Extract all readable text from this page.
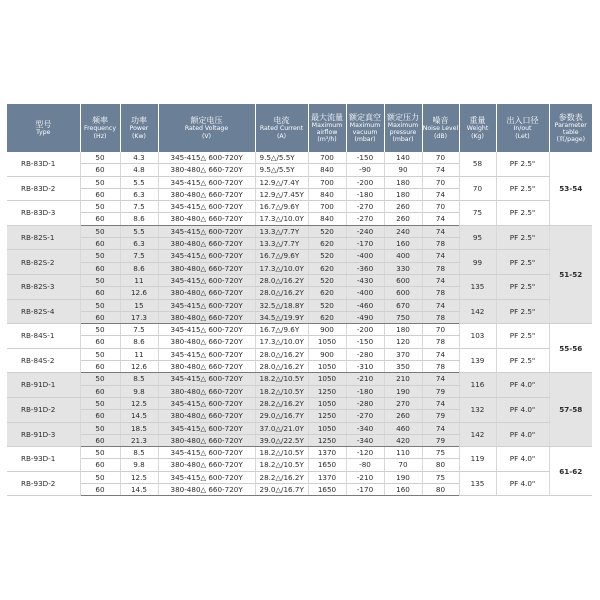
型号
Type	频率
Frequency
(Hz)	功率
Power
(Kw)	额定电压
Rated Voltage
(V)	电流
Rated Current
(A)	最大流量
Maximum
airflow
(m³/h)	额定真空
Maximum
vacuum
(mbar)	额定压力
Maximum
pressure
(mbar)	噪音
Noise Level
(dB)	重量
Weight
(Kg)	出入口径
In/out
(Let)	参数表
Parameter
table
(页/page)

RB-83D-1	50	4.3	345-415△ 600-720Y	9.5△/5.5Y	700	-150	140	70	58	PF 2.5"	53-54
	60	4.8	380-480△ 660-720Y	9.5△/5.5Y	840	-90	90	74			
RB-83D-2	50	5.5	345-415△ 600-720Y	12.9△/7.4Y	700	-200	180	70	70	PF 2.5"	
	60	6.3	380-480△ 660-720Y	12.9△/7.45Y	840	-180	180	74			
RB-83D-3	50	7.5	345-415△ 600-720Y	16.7△/9.6Y	700	-270	260	70	75	PF 2.5"	
	60	8.6	380-480△ 660-720Y	17.3△/10.0Y	840	-270	260	74			
RB-82S-1	50	5.5	345-415△ 600-720Y	13.3△/7.7Y	520	-240	240	74	95	PF 2.5"	51-52
	60	6.3	380-480△ 660-720Y	13.3△/7.7Y	620	-170	160	78			
RB-82S-2	50	7.5	345-415△ 600-720Y	16.7△/9.6Y	520	-400	400	74	99	PF 2.5"	
	60	8.6	380-480△ 660-720Y	17.3△/10.0Y	620	-360	330	78			
RB-82S-3	50	11	345-415△ 600-720Y	28.0△/16.2Y	520	-430	600	74	135	PF 2.5"	
	60	12.6	380-480△ 660-720Y	28.0△/16.2Y	620	-400	600	78			
RB-82S-4	50	15	345-415△ 600-720Y	32.5△/18.8Y	520	-460	670	74	142	PF 2.5"	
	60	17.3	380-480△ 660-720Y	34.5△/19.9Y	620	-490	750	78			
RB-84S-1	50	7.5	345-415△ 600-720Y	16.7△/9.6Y	900	-200	180	70	103	PF 2.5"	55-56
	60	8.6	380-480△ 660-720Y	17.3△/10.0Y	1050	-150	120	78			
RB-84S-2	50	11	345-415△ 600-720Y	28.0△/16.2Y	900	-280	370	74	139	PF 2.5"	
	60	12.6	380-480△ 660-720Y	28.0△/16.2Y	1050	-310	350	78			
RB-91D-1	50	8.5	345-415△ 600-720Y	18.2△/10.5Y	1050	-210	210	74	116	PF 4.0"	57-58
	60	9.8	380-480△ 660-720Y	18.2△/10.5Y	1250	-180	190	79			
RB-91D-2	50	12.5	345-415△ 600-720Y	28.2△/16.2Y	1050	-280	270	74	132	PF 4.0"	
	60	14.5	380-480△ 660-720Y	29.0△/16.7Y	1250	-270	260	79			
RB-91D-3	50	18.5	345-415△ 600-720Y	37.0△/21.0Y	1050	-340	460	74	142	PF 4.0"	
	60	21.3	380-480△ 660-720Y	39.0△/22.5Y	1250	-340	420	79			
RB-93D-1	50	8.5	345-415△ 600-720Y	18.2△/10.5Y	1370	-120	110	75	119	PF 4.0"	61-62
	60	9.8	380-480△ 660-720Y	18.2△/10.5Y	1650	-80	70	80			
RB-93D-2	50	12.5	345-415△ 600-720Y	28.2△/16.2Y	1370	-210	190	75	135	PF 4.0"	
	60	14.5	380-480△ 660-720Y	29.0△/16.7Y	1650	-170	160	80			
